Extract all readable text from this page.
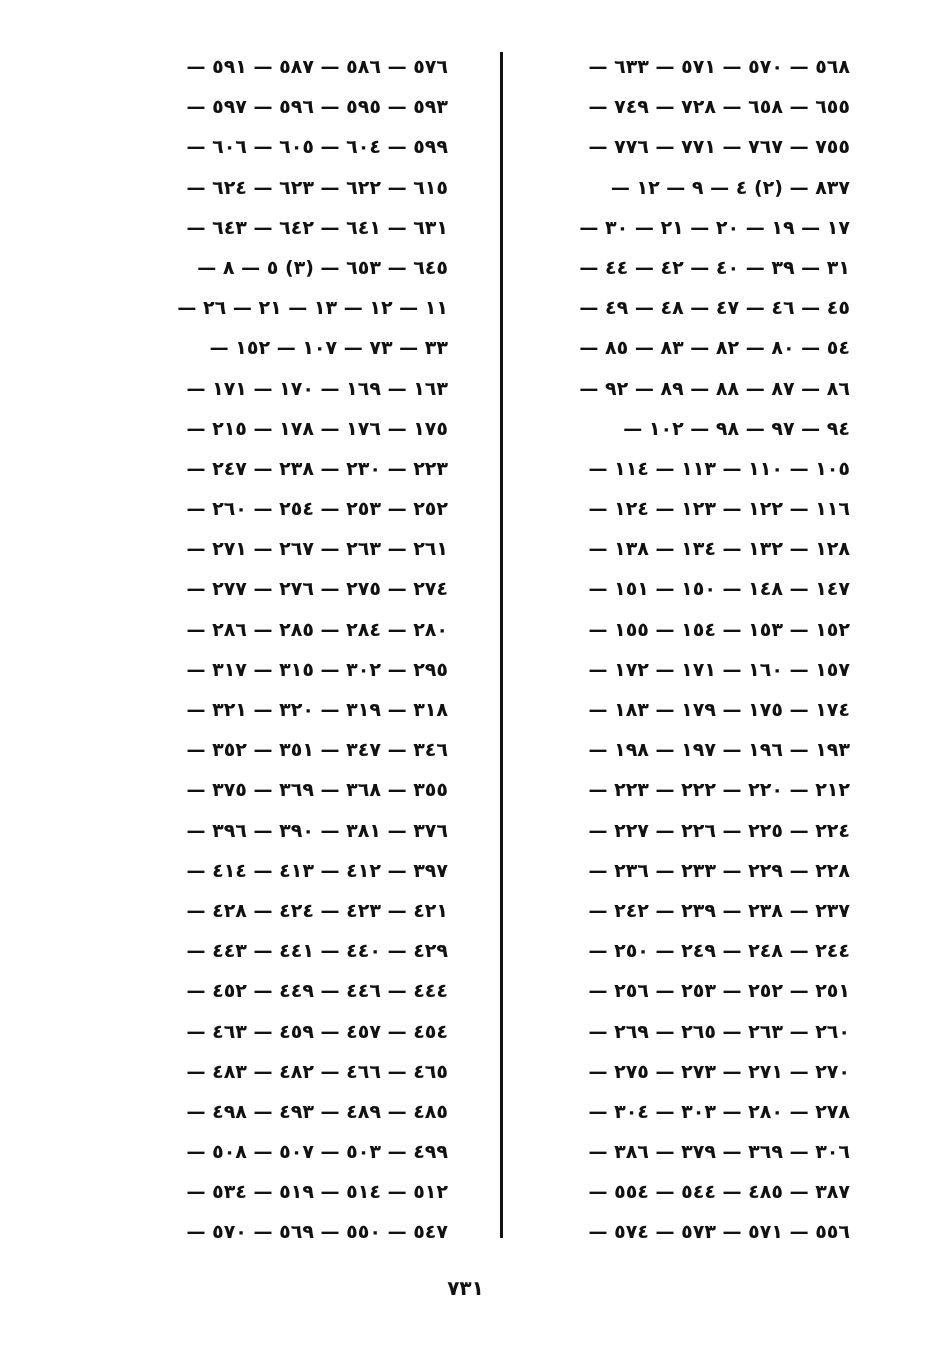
٥٦٨ — ٥٧٠ — ٥٧١ — ٦٣٣ —
٦٥٥ — ٦٥٨ — ٧٢٨ — ٧٤٩ —
٧٥٥ — ٧٦٧ — ٧٧١ — ٧٧٦ —
٨٣٧ — (٢) ٤ — ٩ — ١٢ —
١٧ — ١٩ — ٢٠ — ٢١ — ٣٠ —
٣١ — ٣٩ — ٤٠ — ٤٢ — ٤٤ —
٤٥ — ٤٦ — ٤٧ — ٤٨ — ٤٩ —
٥٤ — ٨٠ — ٨٢ — ٨٣ — ٨٥ —
٨٦ — ٨٧ — ٨٨ — ٨٩ — ٩٢ —
٩٤ — ٩٧ — ٩٨ — ١٠٢ —
١٠٥ — ١١٠ — ١١٣ — ١١٤ —
١١٦ — ١٢٢ — ١٢٣ — ١٢٤ —
١٢٨ — ١٣٢ — ١٣٤ — ١٣٨ —
١٤٧ — ١٤٨ — ١٥٠ — ١٥١ —
١٥٢ — ١٥٣ — ١٥٤ — ١٥٥ —
١٥٧ — ١٦٠ — ١٧١ — ١٧٢ —
١٧٤ — ١٧٥ — ١٧٩ — ١٨٣ —
١٩٣ — ١٩٦ — ١٩٧ — ١٩٨ —
٢١٢ — ٢٢٠ — ٢٢٢ — ٢٢٣ —
٢٢٤ — ٢٢٥ — ٢٢٦ — ٢٢٧ —
٢٢٨ — ٢٢٩ — ٢٣٣ — ٢٣٦ —
٢٣٧ — ٢٣٨ — ٢٣٩ — ٢٤٢ —
٢٤٤ — ٢٤٨ — ٢٤٩ — ٢٥٠ —
٢٥١ — ٢٥٢ — ٢٥٣ — ٢٥٦ —
٢٦٠ — ٢٦٣ — ٢٦٥ — ٢٦٩ —
٢٧٠ — ٢٧١ — ٢٧٣ — ٢٧٥ —
٢٧٨ — ٢٨٠ — ٣٠٣ — ٣٠٤ —
٣٠٦ — ٣٦٩ — ٣٧٩ — ٣٨٦ —
٣٨٧ — ٤٨٥ — ٥٤٤ — ٥٥٤ —
٥٥٦ — ٥٧١ — ٥٧٣ — ٥٧٤ —
٥٧٦ — ٥٨٦ — ٥٨٧ — ٥٩١ —
٥٩٣ — ٥٩٥ — ٥٩٦ — ٥٩٧ —
٥٩٩ — ٦٠٤ — ٦٠٥ — ٦٠٦ —
٦١٥ — ٦٢٢ — ٦٢٣ — ٦٢٤ —
٦٣١ — ٦٤١ — ٦٤٢ — ٦٤٣ —
٦٤٥ — ٦٥٣ — (٣) ٥ — ٨ —
١١ — ١٢ — ١٣ — ٢١ — ٢٦ —
٣٣ — ٧٣ — ١٠٧ — ١٥٢ —
١٦٣ — ١٦٩ — ١٧٠ — ١٧١ —
١٧٥ — ١٧٦ — ١٧٨ — ٢١٥ —
٢٢٣ — ٢٣٠ — ٢٣٨ — ٢٤٧ —
٢٥٢ — ٢٥٣ — ٢٥٤ — ٢٦٠ —
٢٦١ — ٢٦٣ — ٢٦٧ — ٢٧١ —
٢٧٤ — ٢٧٥ — ٢٧٦ — ٢٧٧ —
٢٨٠ — ٢٨٤ — ٢٨٥ — ٢٨٦ —
٢٩٥ — ٣٠٢ — ٣١٥ — ٣١٧ —
٣١٨ — ٣١٩ — ٣٢٠ — ٣٢١ —
٣٤٦ — ٣٤٧ — ٣٥١ — ٣٥٢ —
٣٥٥ — ٣٦٨ — ٣٦٩ — ٣٧٥ —
٣٧٦ — ٣٨١ — ٣٩٠ — ٣٩٦ —
٣٩٧ — ٤١٢ — ٤١٣ — ٤١٤ —
٤٢١ — ٤٢٣ — ٤٢٤ — ٤٢٨ —
٤٢٩ — ٤٤٠ — ٤٤١ — ٤٤٣ —
٤٤٤ — ٤٤٦ — ٤٤٩ — ٤٥٢ —
٤٥٤ — ٤٥٧ — ٤٥٩ — ٤٦٣ —
٤٦٥ — ٤٦٦ — ٤٨٢ — ٤٨٣ —
٤٨٥ — ٤٨٩ — ٤٩٣ — ٤٩٨ —
٤٩٩ — ٥٠٣ — ٥٠٧ — ٥٠٨ —
٥١٢ — ٥١٤ — ٥١٩ — ٥٣٤ —
٥٤٧ — ٥٥٠ — ٥٦٩ — ٥٧٠ —
٧٣١
